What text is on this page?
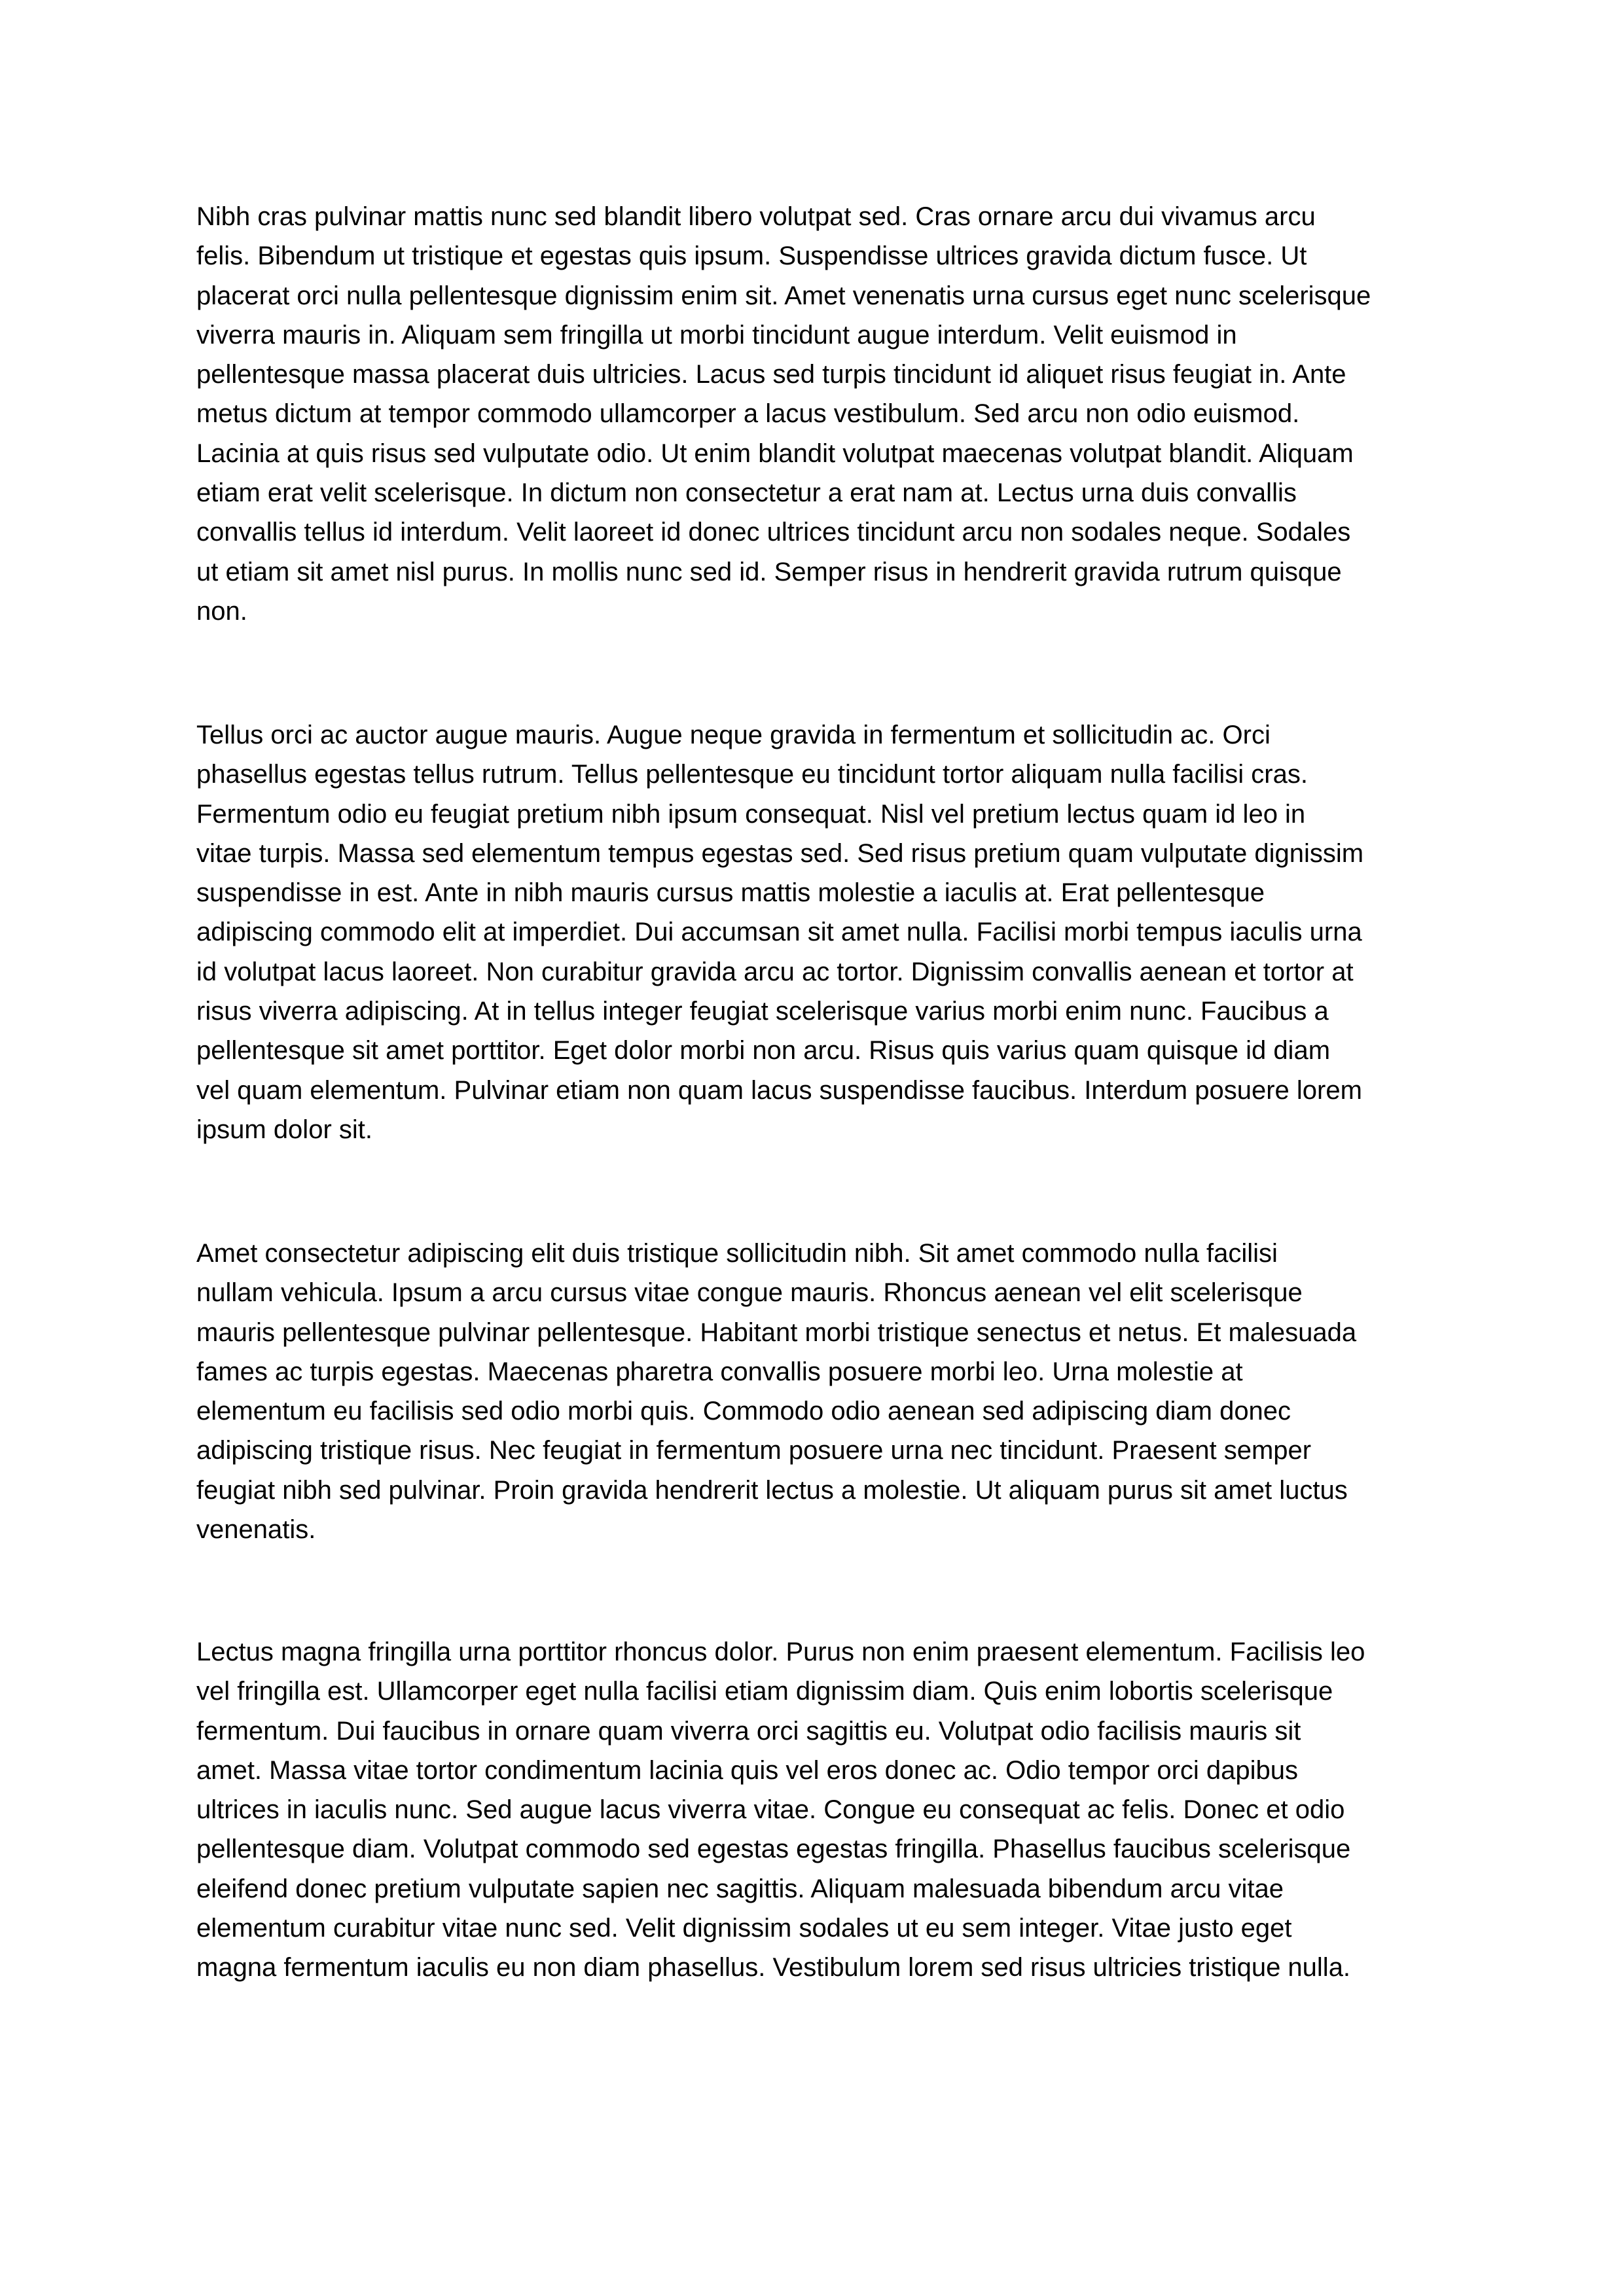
Nibh cras pulvinar mattis nunc sed blandit libero volutpat sed. Cras ornare arcu dui vivamus arcu
felis. Bibendum ut tristique et egestas quis ipsum. Suspendisse ultrices gravida dictum fusce. Ut
placerat orci nulla pellentesque dignissim enim sit. Amet venenatis urna cursus eget nunc scelerisque
viverra mauris in. Aliquam sem fringilla ut morbi tincidunt augue interdum. Velit euismod in
pellentesque massa placerat duis ultricies. Lacus sed turpis tincidunt id aliquet risus feugiat in. Ante
metus dictum at tempor commodo ullamcorper a lacus vestibulum. Sed arcu non odio euismod.
Lacinia at quis risus sed vulputate odio. Ut enim blandit volutpat maecenas volutpat blandit. Aliquam
etiam erat velit scelerisque. In dictum non consectetur a erat nam at. Lectus urna duis convallis
convallis tellus id interdum. Velit laoreet id donec ultrices tincidunt arcu non sodales neque. Sodales
ut etiam sit amet nisl purus. In mollis nunc sed id. Semper risus in hendrerit gravida rutrum quisque
non.
Tellus orci ac auctor augue mauris. Augue neque gravida in fermentum et sollicitudin ac. Orci
phasellus egestas tellus rutrum. Tellus pellentesque eu tincidunt tortor aliquam nulla facilisi cras.
Fermentum odio eu feugiat pretium nibh ipsum consequat. Nisl vel pretium lectus quam id leo in
vitae turpis. Massa sed elementum tempus egestas sed. Sed risus pretium quam vulputate dignissim
suspendisse in est. Ante in nibh mauris cursus mattis molestie a iaculis at. Erat pellentesque
adipiscing commodo elit at imperdiet. Dui accumsan sit amet nulla. Facilisi morbi tempus iaculis urna
id volutpat lacus laoreet. Non curabitur gravida arcu ac tortor. Dignissim convallis aenean et tortor at
risus viverra adipiscing. At in tellus integer feugiat scelerisque varius morbi enim nunc. Faucibus a
pellentesque sit amet porttitor. Eget dolor morbi non arcu. Risus quis varius quam quisque id diam
vel quam elementum. Pulvinar etiam non quam lacus suspendisse faucibus. Interdum posuere lorem
ipsum dolor sit.
Amet consectetur adipiscing elit duis tristique sollicitudin nibh. Sit amet commodo nulla facilisi
nullam vehicula. Ipsum a arcu cursus vitae congue mauris. Rhoncus aenean vel elit scelerisque
mauris pellentesque pulvinar pellentesque. Habitant morbi tristique senectus et netus. Et malesuada
fames ac turpis egestas. Maecenas pharetra convallis posuere morbi leo. Urna molestie at
elementum eu facilisis sed odio morbi quis. Commodo odio aenean sed adipiscing diam donec
adipiscing tristique risus. Nec feugiat in fermentum posuere urna nec tincidunt. Praesent semper
feugiat nibh sed pulvinar. Proin gravida hendrerit lectus a molestie. Ut aliquam purus sit amet luctus
venenatis.
Lectus magna fringilla urna porttitor rhoncus dolor. Purus non enim praesent elementum. Facilisis leo
vel fringilla est. Ullamcorper eget nulla facilisi etiam dignissim diam. Quis enim lobortis scelerisque
fermentum. Dui faucibus in ornare quam viverra orci sagittis eu. Volutpat odio facilisis mauris sit
amet. Massa vitae tortor condimentum lacinia quis vel eros donec ac. Odio tempor orci dapibus
ultrices in iaculis nunc. Sed augue lacus viverra vitae. Congue eu consequat ac felis. Donec et odio
pellentesque diam. Volutpat commodo sed egestas egestas fringilla. Phasellus faucibus scelerisque
eleifend donec pretium vulputate sapien nec sagittis. Aliquam malesuada bibendum arcu vitae
elementum curabitur vitae nunc sed. Velit dignissim sodales ut eu sem integer. Vitae justo eget
magna fermentum iaculis eu non diam phasellus. Vestibulum lorem sed risus ultricies tristique nulla.
